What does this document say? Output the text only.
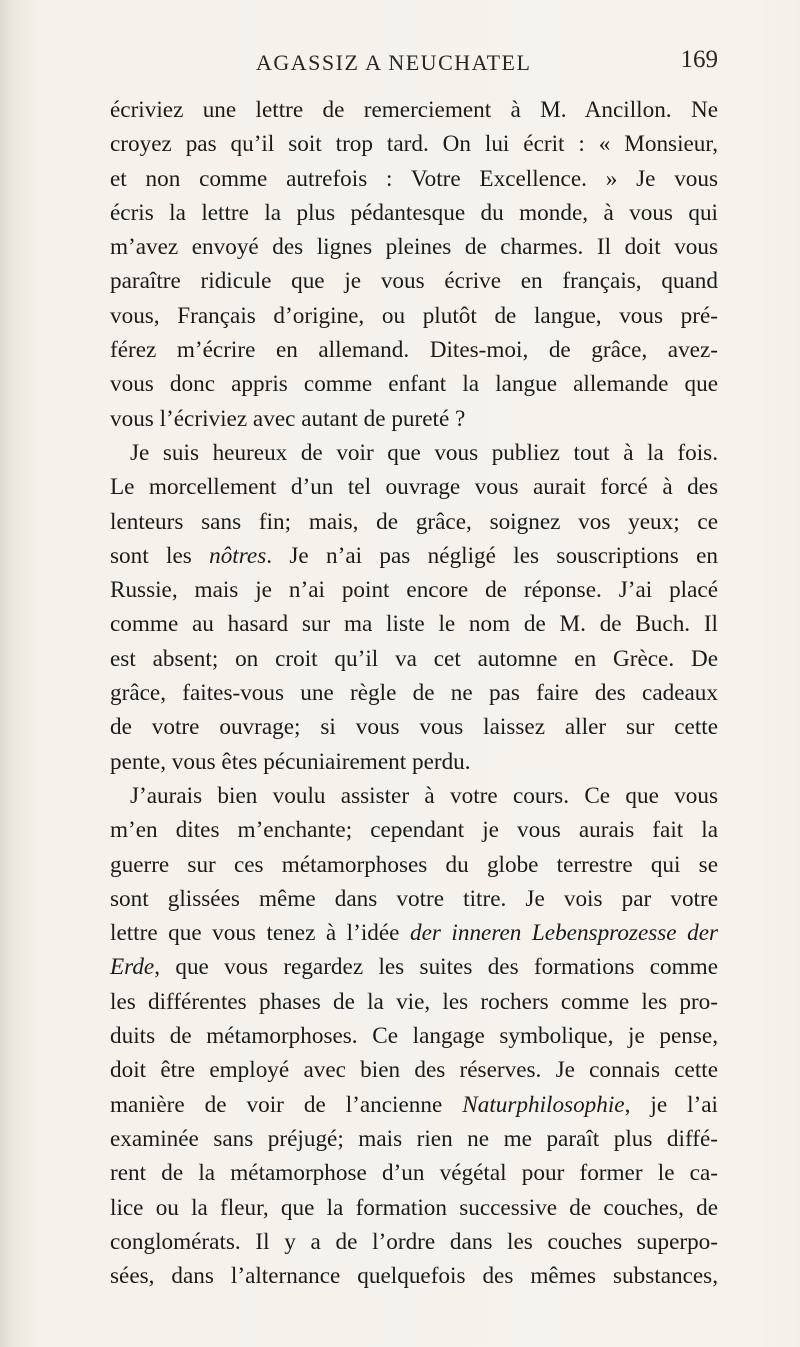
AGASSIZ A NEUCHATEL	169
écriviez une lettre de remerciement à M. Ancillon. Ne
croyez pas qu’il soit trop tard. On lui écrit : « Monsieur,
et non comme autrefois : Votre Excellence. » Je vous
écris la lettre la plus pédantesque du monde, à vous qui
m’avez envoyé des lignes pleines de charmes. Il doit vous
paraître ridicule que je vous écrive en français, quand
vous, Français d’origine, ou plutôt de langue, vous pré-
férez m’écrire en allemand. Dites-moi, de grâce, avez-
vous donc appris comme enfant la langue allemande que
vous l’écriviez avec autant de pureté ?
Je suis heureux de voir que vous publiez tout à la fois.
Le morcellement d’un tel ouvrage vous aurait forcé à des
lenteurs sans fin; mais, de grâce, soignez vos yeux; ce
sont les nôtres. Je n’ai pas négligé les souscriptions en
Russie, mais je n’ai point encore de réponse. J’ai placé
comme au hasard sur ma liste le nom de M. de Buch. Il
est absent; on croit qu’il va cet automne en Grèce. De
grâce, faites-vous une règle de ne pas faire des cadeaux
de votre ouvrage; si vous vous laissez aller sur cette
pente, vous êtes pécuniairement perdu.
J’aurais bien voulu assister à votre cours. Ce que vous
m’en dites m’enchante; cependant je vous aurais fait la
guerre sur ces métamorphoses du globe terrestre qui se
sont glissées même dans votre titre. Je vois par votre
lettre que vous tenez à l’idée der inneren Lebensprozesse der
Erde, que vous regardez les suites des formations comme
les différentes phases de la vie, les rochers comme les pro-
duits de métamorphoses. Ce langage symbolique, je pense,
doit être employé avec bien des réserves. Je connais cette
manière de voir de l’ancienne Naturphilosophie, je l’ai
examinée sans préjugé; mais rien ne me paraît plus diffé-
rent de la métamorphose d’un végétal pour former le ca-
lice ou la fleur, que la formation successive de couches, de
conglomérats. Il y a de l’ordre dans les couches superpo-
sées, dans l’alternance quelquefois des mêmes substances,
